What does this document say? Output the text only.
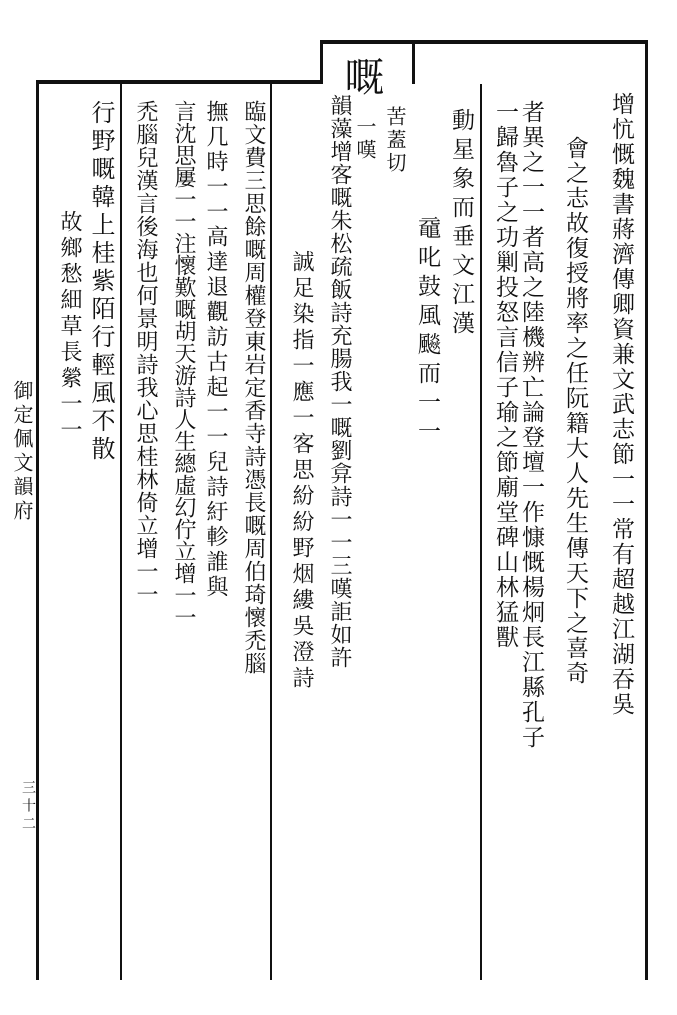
御定佩文韻府
三十二
嘅
苦蓋切
一嘆	增忼慨魏書蔣濟傳卿資兼文武志節一一常有超越江湖吞吳
會之志故復授將率之任阮籍大人先生傳天下之喜奇
者異之一一者高之陸機辨亡論登壇一作慷慨楊炯長江縣孔子
一歸魯子之功剿投怒言信子瑜之節廟堂碑山林猛獸
動星象而垂文江漢
黿叱鼓風飈而一一
韻藻增客嘅朱松疏飯詩充腸我一嘅劉弇詩一一三嘆詎如許
誠足染指一應一客思紛紛野烟縷吳澄詩
臨文費三思餘嘅周權登東岩定香寺詩憑長嘅周伯琦懷禿腦
撫几時一一高達退觀訪古起一一兒詩紆軫誰與
言沈思屢一一注懷歎嘅胡天游詩人生總虛幻佇立增一一
禿腦兒漢言後海也何景明詩我心思桂林倚立增一一
行野嘅韓上桂紫陌行輕風不散
故鄉愁細草長縈一一
